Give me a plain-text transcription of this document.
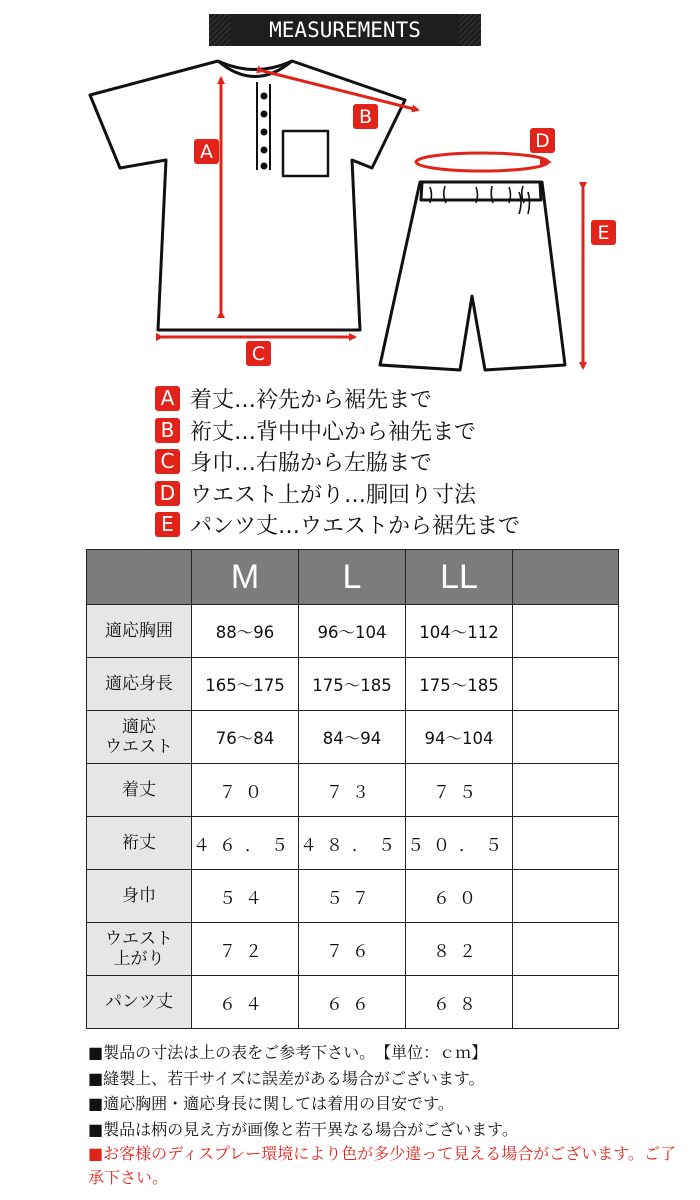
MEASUREMENTS
A
B
C
D
E
A 着丈…衿先から裾先まで
B 裄丈…背中中心から袖先まで
C 身巾…右脇から左脇まで
D ウエスト上がり…胴回り寸法
E パンツ丈…ウエストから裾先まで
	M	L	LL	
適応胸囲	88～96	96～104	104～112	
適応身長	165～175	175～185	175～185	
適応
ウエスト	76～84	84～94	94～104	
着丈	７０	７３	７５	
裄丈	４６．５	４８．５	５０．５	
身巾	５４	５７	６０	
ウエスト
上がり	７２	７６	８２	
パンツ丈	６４	６６	６８	
■製品の寸法は上の表をご参考下さい。　【単位：ｃｍ】
■縫製上、若干サイズに誤差がある場合がございます。
■適応胸囲・適応身長に関しては着用の目安です。
■製品は柄の見え方が画像と若干異なる場合がございます。
■お客様のディスプレー環境により色が多少違って見える場合がございます。ご了承下さい。
